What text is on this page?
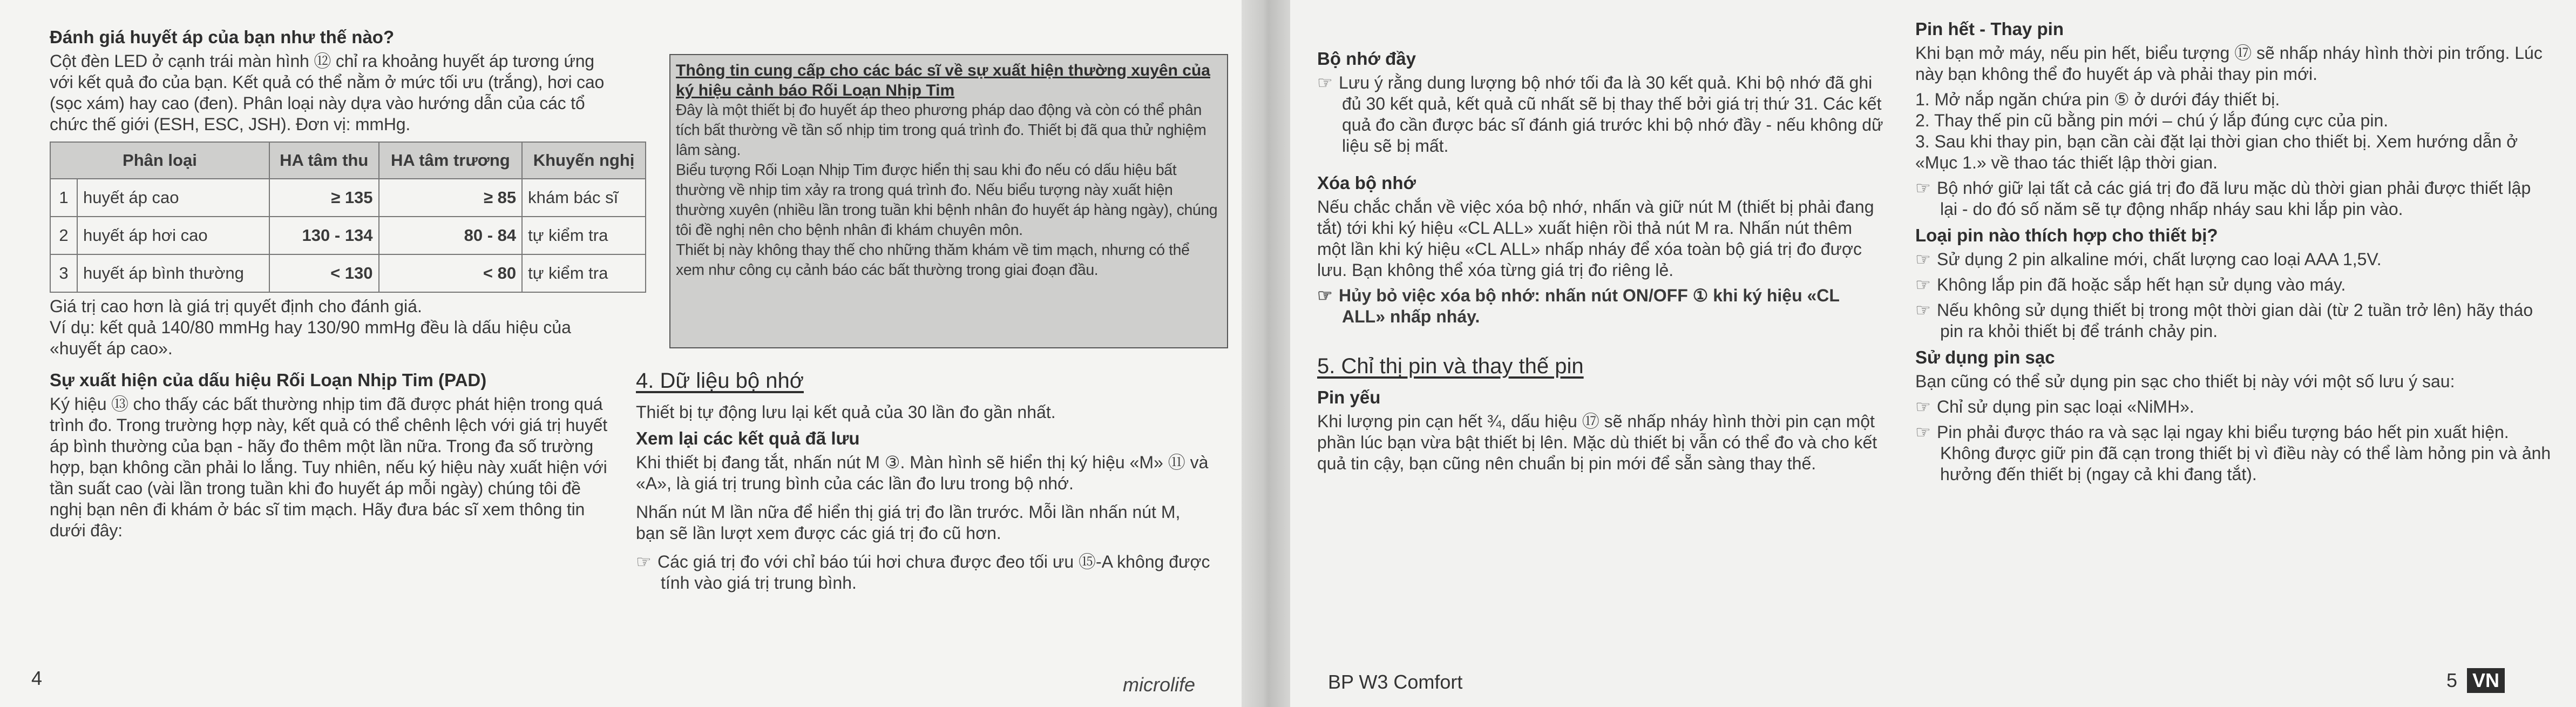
Đánh giá huyết áp của bạn như thế nào?

Cột đèn LED ở cạnh trái màn hình ⑫ chỉ ra khoảng huyết áp tương ứng với kết quả đo của bạn. Kết quả có thể nằm ở mức tối ưu (trắng), hơi cao (sọc xám) hay cao (đen). Phân loại này dựa vào hướng dẫn của các tổ chức thế giới (ESH, ESC, JSH). Đơn vị: mmHg.

Phân loại		HA tâm thu	HA tâm trương	Khuyến nghị
1	huyết áp cao	≥ 135	≥ 85	khám bác sĩ
2	huyết áp hơi cao	130 - 134	80 - 84	tự kiểm tra
3	huyết áp bình thường	< 130	< 80	tự kiểm tra

Giá trị cao hơn là giá trị quyết định cho đánh giá.

Ví dụ: kết quả 140/80 mmHg hay 130/90 mmHg đều là dấu hiệu của «huyết áp cao».

Sự xuất hiện của dấu hiệu Rối Loạn Nhịp Tim (PAD)

Ký hiệu ⑬ cho thấy các bất thường nhịp tim đã được phát hiện trong quá trình đo. Trong trường hợp này, kết quả có thể chênh lệch với giá trị huyết áp bình thường của bạn - hãy đo thêm một lần nữa. Trong đa số trường hợp, bạn không cần phải lo lắng. Tuy nhiên, nếu ký hiệu này xuất hiện với tần suất cao (vài lần trong tuần khi đo huyết áp mỗi ngày) chúng tôi đề nghị bạn nên đi khám ở bác sĩ tim mạch. Hãy đưa bác sĩ xem thông tin dưới đây:

Thông tin cung cấp cho các bác sĩ về sự xuất hiện thường xuyên của ký hiệu cảnh báo Rối Loạn Nhịp Tim

Đây là một thiết bị đo huyết áp theo phương pháp dao động và còn có thể phân tích bất thường về tần số nhịp tim trong quá trình đo. Thiết bị đã qua thử nghiệm lâm sàng.

Biểu tượng Rối Loạn Nhịp Tim được hiển thị sau khi đo nếu có dấu hiệu bất thường về nhịp tim xảy ra trong quá trình đo. Nếu biểu tượng này xuất hiện thường xuyên (nhiều lần trong tuần khi bệnh nhân đo huyết áp hàng ngày), chúng tôi đề nghị nên cho bệnh nhân đi khám chuyên môn.

Thiết bị này không thay thế cho những thăm khám về tim mạch, nhưng có thể xem như công cụ cảnh báo các bất thường trong giai đoạn đầu.

4. Dữ liệu bộ nhớ

Thiết bị tự động lưu lại kết quả của 30 lần đo gần nhất.

Xem lại các kết quả đã lưu

Khi thiết bị đang tắt, nhấn nút M ③. Màn hình sẽ hiển thị ký hiệu «M» ⑪ và «A», là giá trị trung bình của các lần đo lưu trong bộ nhớ.

Nhấn nút M lần nữa để hiển thị giá trị đo lần trước. Mỗi lần nhấn nút M, bạn sẽ lần lượt xem được các giá trị đo cũ hơn.

☞ Các giá trị đo với chỉ báo túi hơi chưa được đeo tối ưu ⑮-A không được tính vào giá trị trung bình.

4	microlife
Bộ nhớ đầy

☞ Lưu ý rằng dung lượng bộ nhớ tối đa là 30 kết quả. Khi bộ nhớ đã ghi đủ 30 kết quả, kết quả cũ nhất sẽ bị thay thế bởi giá trị thứ 31. Các kết quả đo cần được bác sĩ đánh giá trước khi bộ nhớ đầy - nếu không dữ liệu sẽ bị mất.

Xóa bộ nhớ

Nếu chắc chắn về việc xóa bộ nhớ, nhấn và giữ nút M (thiết bị phải đang tắt) tới khi ký hiệu «CL ALL» xuất hiện rồi thả nút M ra. Nhấn nút thêm một lần khi ký hiệu «CL ALL» nhấp nháy để xóa toàn bộ giá trị đo được lưu. Bạn không thể xóa từng giá trị đo riêng lẻ.

☞ Hủy bỏ việc xóa bộ nhớ: nhấn nút ON/OFF ① khi ký hiệu «CL ALL» nhấp nháy.

5. Chỉ thị pin và thay thế pin
Pin yếu

Khi lượng pin cạn hết ¾, dấu hiệu ⑰ sẽ nhấp nháy hình thời pin cạn một phần lúc bạn vừa bật thiết bị lên. Mặc dù thiết bị vẫn có thể đo và cho kết quả tin cậy, bạn cũng nên chuẩn bị pin mới để sẵn sàng thay thế.

Pin hết - Thay pin

Khi bạn mở máy, nếu pin hết, biểu tượng ⑰ sẽ nhấp nháy hình thời pin trống. Lúc này bạn không thể đo huyết áp và phải thay pin mới.

1. Mở nắp ngăn chứa pin ⑤ ở dưới đáy thiết bị.
2. Thay thế pin cũ bằng pin mới – chú ý lắp đúng cực của pin.
3. Sau khi thay pin, bạn cần cài đặt lại thời gian cho thiết bị. Xem hướng dẫn ở «Mục 1.» về thao tác thiết lập thời gian.

☞ Bộ nhớ giữ lại tất cả các giá trị đo đã lưu mặc dù thời gian phải được thiết lập lại - do đó số năm sẽ tự động nhấp nháy sau khi lắp pin vào.

Loại pin nào thích hợp cho thiết bị?

☞ Sử dụng 2 pin alkaline mới, chất lượng cao loại AAA 1,5V.

☞ Không lắp pin đã hoặc sắp hết hạn sử dụng vào máy.

☞ Nếu không sử dụng thiết bị trong một thời gian dài (từ 2 tuần trở lên) hãy tháo pin ra khỏi thiết bị để tránh chảy pin.

Sử dụng pin sạc

Bạn cũng có thể sử dụng pin sạc cho thiết bị này với một số lưu ý sau:

☞ Chỉ sử dụng pin sạc loại «NiMH».

☞ Pin phải được tháo ra và sạc lại ngay khi biểu tượng báo hết pin xuất hiện. Không được giữ pin đã cạn trong thiết bị vì điều này có thể làm hỏng pin và ảnh hưởng đến thiết bị (ngay cả khi đang tắt).

BP W3 Comfort	5 VN
